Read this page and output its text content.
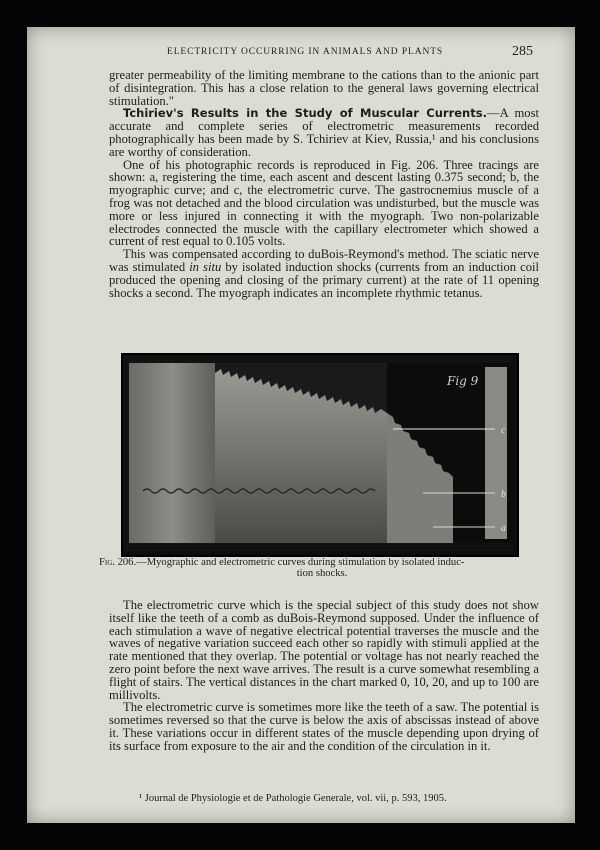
ELECTRICITY OCCURRING IN ANIMALS AND PLANTS	285

greater permeability of the limiting membrane to the cations than to the anionic part of disintegration. This has a close relation to the general laws governing electrical stimulation."

Tchiriev's Results in the Study of Muscular Currents.—A most accurate and complete series of electrometric measurements recorded photographically has been made by S. Tchiriev at Kiev, Russia,¹ and his conclusions are worthy of consideration.

One of his photographic records is reproduced in Fig. 206. Three tracings are shown: a, registering the time, each ascent and descent lasting 0.375 second; b, the myographic curve; and c, the electrometric curve. The gastrocnemius muscle of a frog was not detached and the blood circulation was undisturbed, but the muscle was more or less injured in connecting it with the myograph. Two non-polarizable electrodes connected the muscle with the capillary electrometer which showed a current of rest equal to 0.105 volts.

This was compensated according to duBois-Reymond's method. The sciatic nerve was stimulated in situ by isolated induction shocks (currents from an induction coil produced the opening and closing of the primary current) at the rate of 11 opening shocks a second. The myograph indicates an incomplete rhythmic tetanus.

Fig 9
c
b
a
Fig. 206.—Myographic and electrometric curves during stimulation by isolated induc-
tion shocks.

The electrometric curve which is the special subject of this study does not show itself like the teeth of a comb as duBois-Reymond supposed. Under the influence of each stimulation a wave of negative electrical potential traverses the muscle and the waves of negative variation succeed each other so rapidly with stimuli applied at the rate mentioned that they overlap. The potential or voltage has not nearly reached the zero point before the next wave arrives. The result is a curve somewhat resembling a flight of stairs. The vertical distances in the chart marked 0, 10, 20, and up to 100 are millivolts.

The electrometric curve is sometimes more like the teeth of a saw. The potential is sometimes reversed so that the curve is below the axis of abscissas instead of above it. These variations occur in different states of the muscle depending upon drying of its surface from exposure to the air and the condition of the circulation in it.

¹ Journal de Physiologie et de Pathologie Generale, vol. vii, p. 593, 1905.
